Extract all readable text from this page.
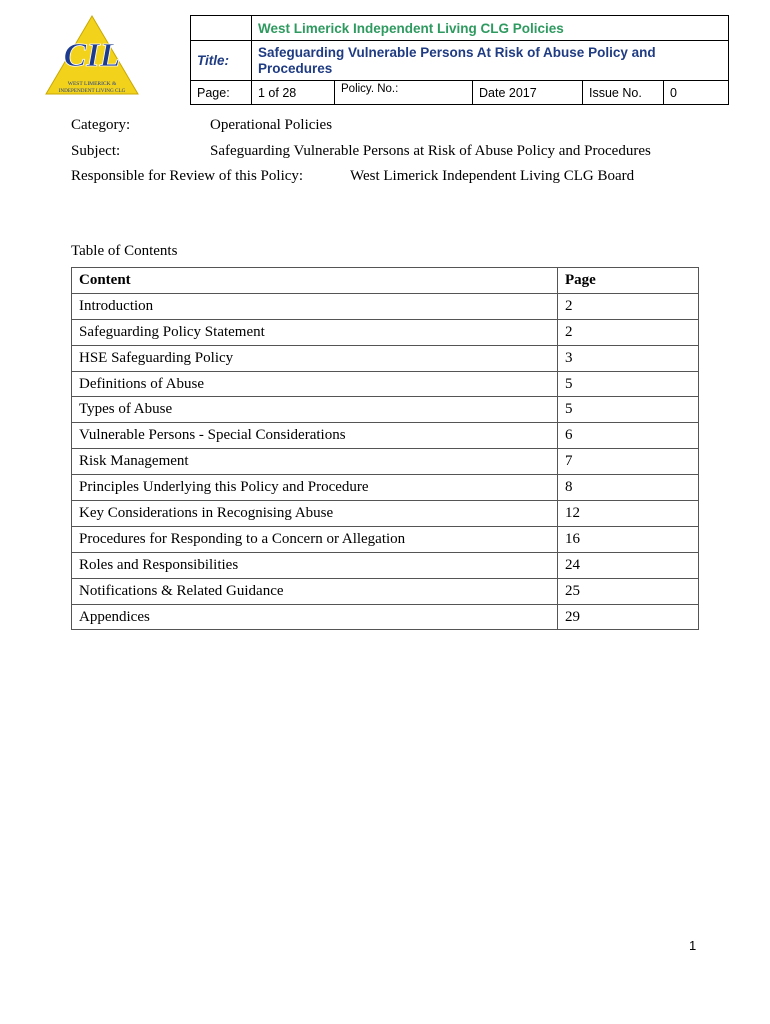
CIL
WEST LIMERICK &
INDEPENDENT LIVING CLG
	West Limerick Independent Living CLG Policies				
Title:	Safeguarding Vulnerable Persons At Risk of Abuse Policy and Procedures				
Page:	1 of 28	Policy. No.:	Date 2017	Issue No.	0
Category:	Operational Policies
Subject:	Safeguarding Vulnerable Persons at Risk of Abuse Policy and Procedures
Responsible for Review of this Policy:	West Limerick Independent Living CLG Board
Table of Contents
Content	Page
Introduction	2
Safeguarding Policy Statement	2
HSE Safeguarding Policy	3
Definitions of Abuse	5
Types of Abuse	5
Vulnerable Persons - Special Considerations	6
Risk Management	7
Principles Underlying this Policy and Procedure	8
Key Considerations in Recognising Abuse	12
Procedures for Responding to a Concern or Allegation	16
Roles and Responsibilities	24
Notifications & Related Guidance	25
Appendices	29
1
